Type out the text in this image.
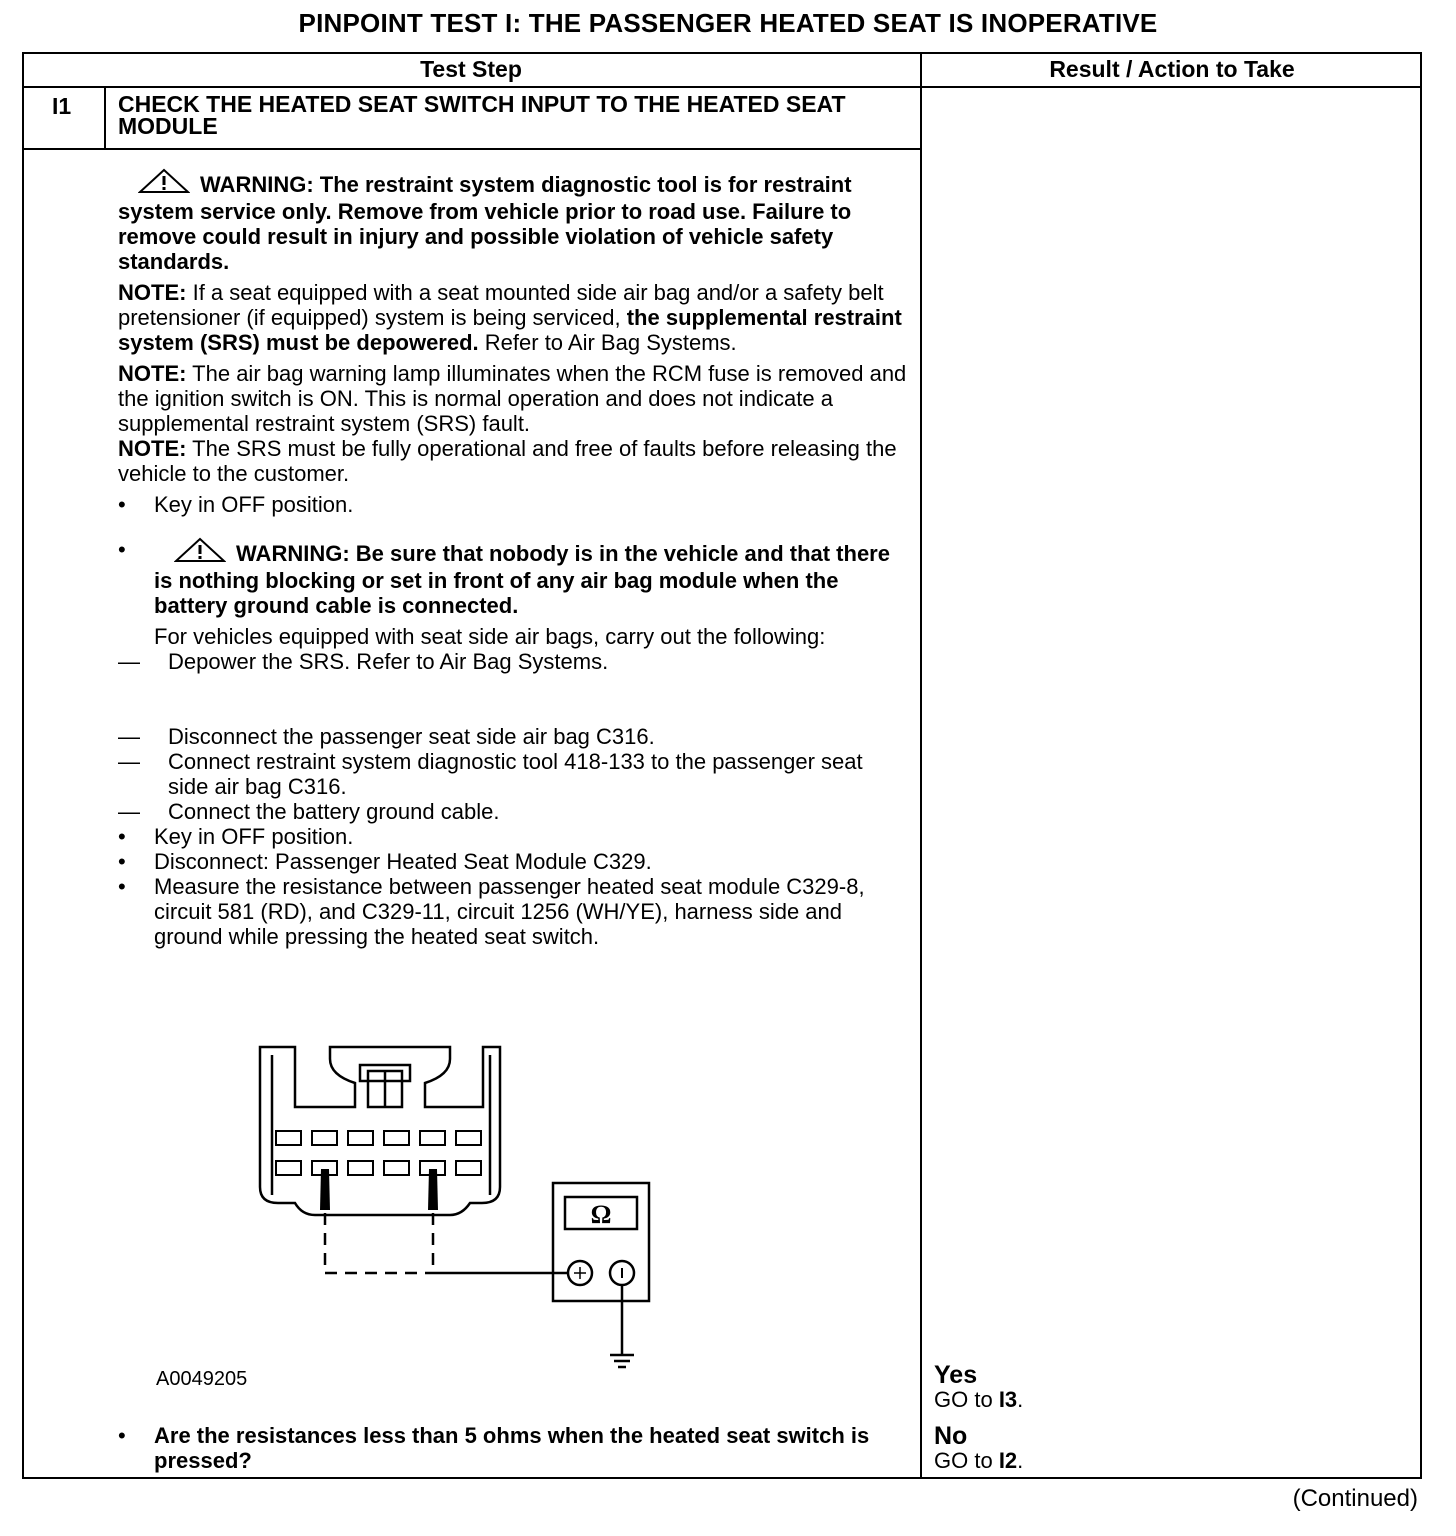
PINPOINT TEST I: THE PASSENGER HEATED SEAT IS INOPERATIVE
Test Step	Result / Action to Take
I1 CHECK THE HEATED SEAT SWITCH INPUT TO THE HEATED SEAT MODULE

WARNING: The restraint system diagnostic tool is for restraint system service only. Remove from vehicle prior to road use. Failure to remove could result in injury and possible violation of vehicle safety standards.

NOTE: If a seat equipped with a seat mounted side air bag and/or a safety belt pretensioner (if equipped) system is being serviced, the supplemental restraint system (SRS) must be depowered. Refer to Air Bag Systems.

NOTE: The air bag warning lamp illuminates when the RCM fuse is removed and the ignition switch is ON. This is normal operation and does not indicate a supplemental restraint system (SRS) fault.

NOTE: The SRS must be fully operational and free of faults before releasing the vehicle to the customer.

• Key in OFF position.
•	WARNING: Be sure that nobody is in the vehicle and that there is nothing blocking or set in front of any air bag module when the battery ground cable is connected.

For vehicles equipped with seat side air bags, carry out the following:

— Depower the SRS. Refer to Air Bag Systems.
— Disconnect the passenger seat side air bag C316.
— Connect restraint system diagnostic tool 418-133 to the passenger seat side air bag C316.
— Connect the battery ground cable.
• Key in OFF position.
• Disconnect: Passenger Heated Seat Module C329.
• Measure the resistance between passenger heated seat module C329-8, circuit 581 (RD), and C329-11, circuit 1256 (WH/YE), harness side and ground while pressing the heated seat switch.
Ω
A0049205
• Are the resistances less than 5 ohms when the heated seat switch is pressed?
Yes
GO to I3.
No
GO to I2.
(Continued)
